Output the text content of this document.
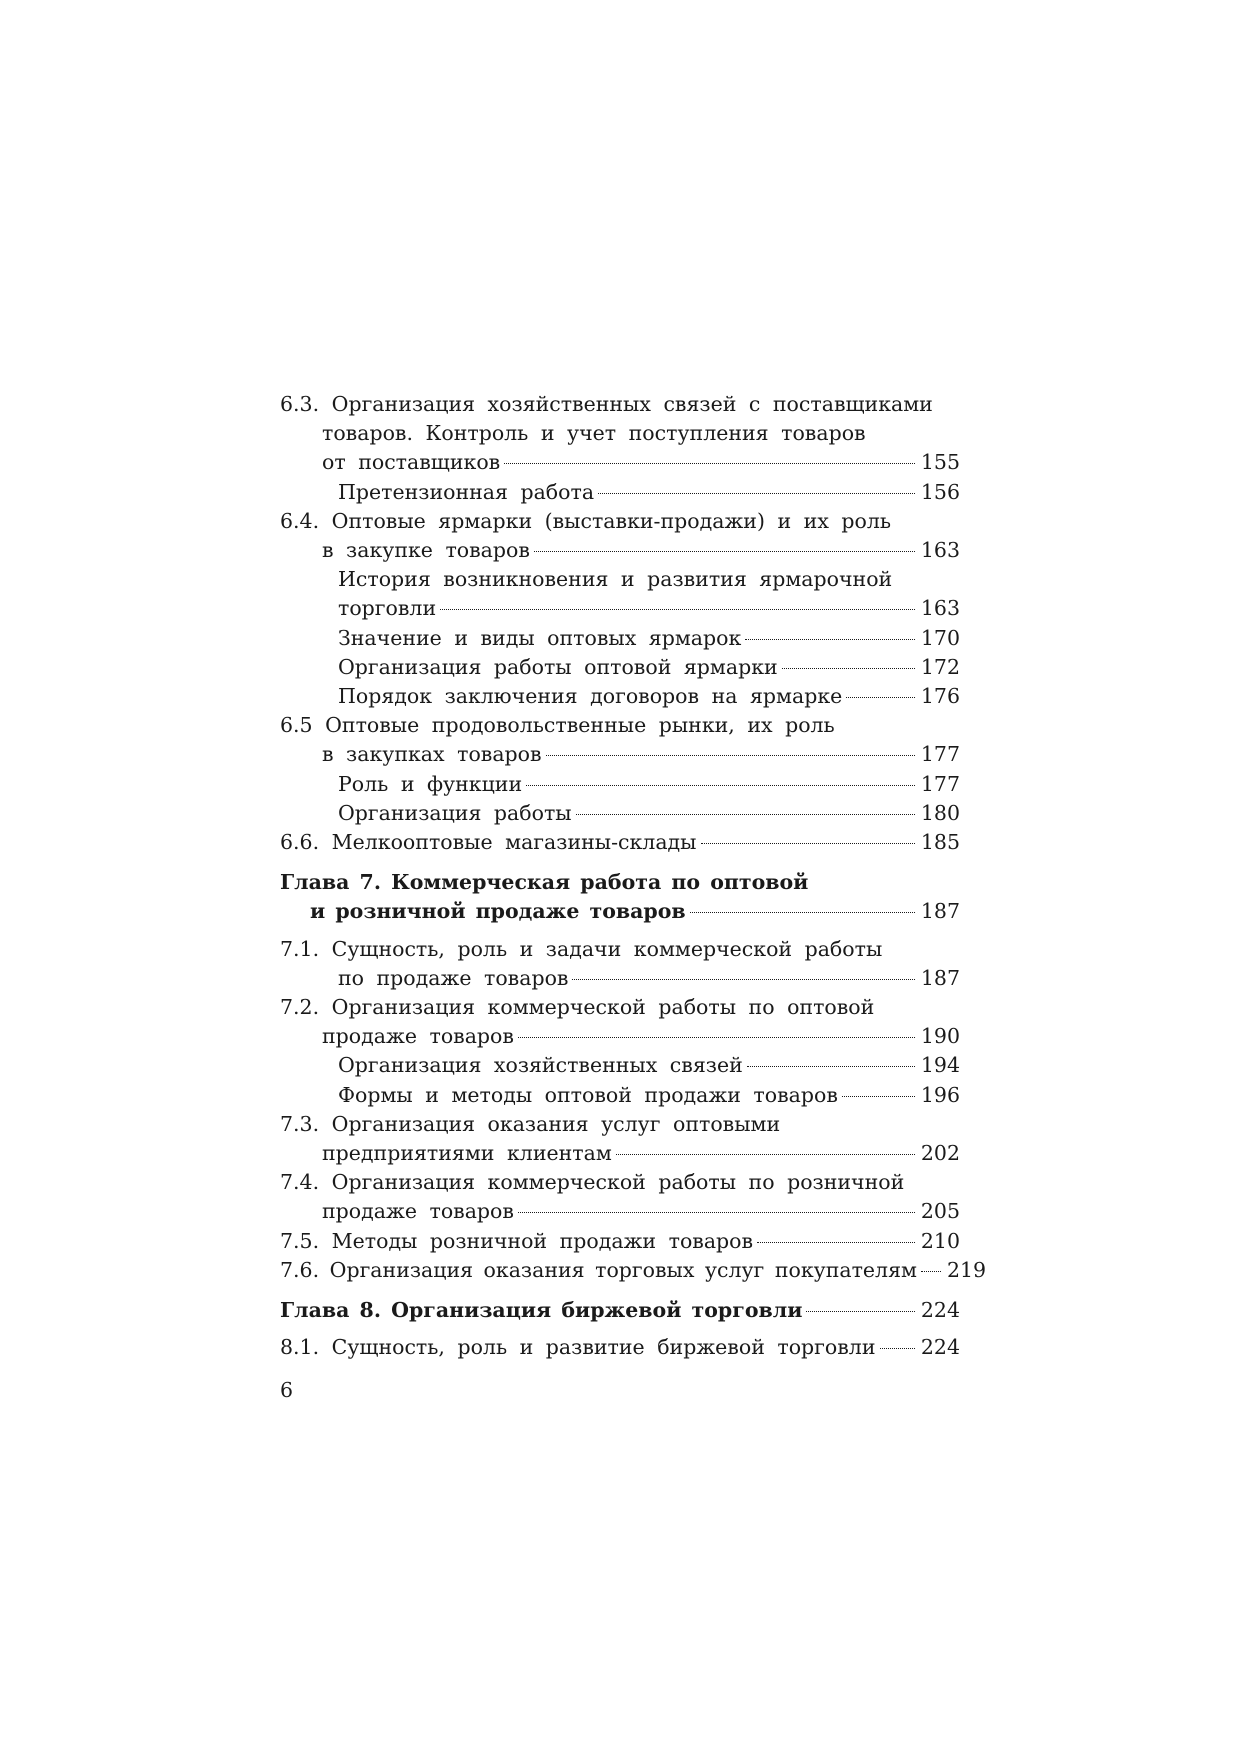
6.3. Организация хозяйственных связей с поставщиками
товаров. Контроль и учет поступления товаров
от поставщиков	155
Претензионная работа	156
6.4. Оптовые ярмарки (выставки-продажи) и их роль
в закупке товаров	163
История возникновения и развития ярмарочной
торговли	163
Значение и виды оптовых ярмарок	170
Организация работы оптовой ярмарки	172
Порядок заключения договоров на ярмарке	176
6.5 Оптовые продовольственные рынки, их роль
в закупках товаров	177
Роль и функции	177
Организация работы	180
6.6. Мелкооптовые магазины-склады	185
Глава 7. Коммерческая работа по оптовой
и розничной продаже товаров	187
7.1. Сущность, роль и задачи коммерческой работы
по продаже товаров	187
7.2. Организация коммерческой работы по оптовой
продаже товаров	190
Организация хозяйственных связей	194
Формы и методы оптовой продажи товаров	196
7.3. Организация оказания услуг оптовыми
предприятиями клиентам	202
7.4. Организация коммерческой работы по розничной
продаже товаров	205
7.5. Методы розничной продажи товаров	210
7.6. Организация оказания торговых услуг покупателям 219
Глава 8. Организация биржевой торговли	224
8.1. Сущность, роль и развитие биржевой торговли 224
6
